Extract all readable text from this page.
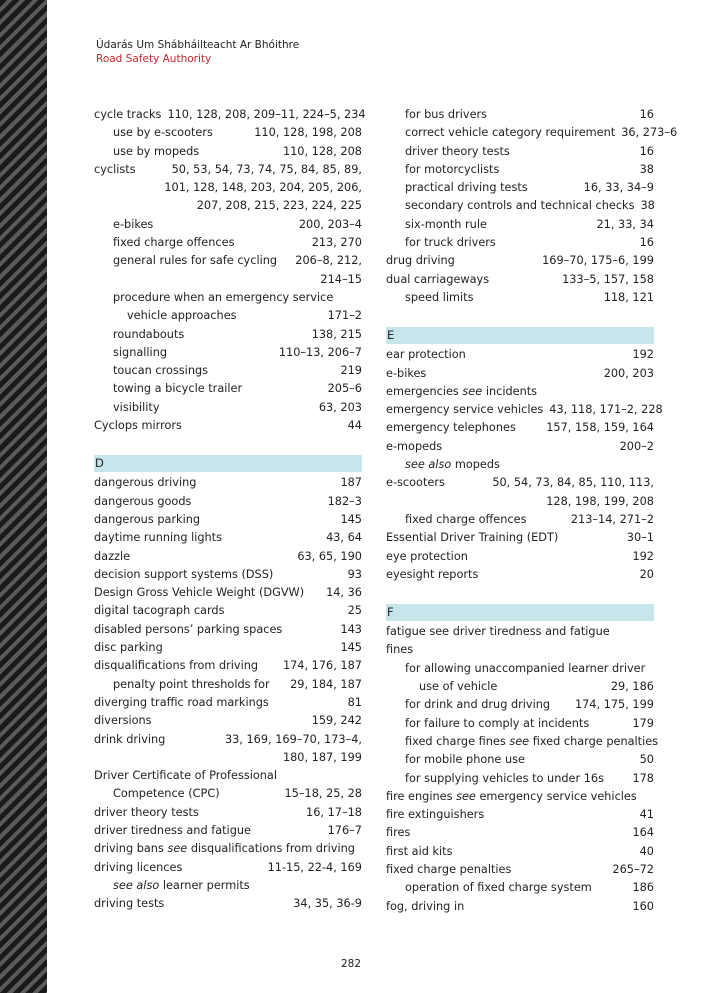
Údarás Um Shábháilteacht Ar Bhóithre
Road Safety Authority
cycle tracks 110, 128, 208, 209–11, 224–5, 234
use by e-scooters	110, 128, 198, 208
use by mopeds	110, 128, 208
cyclists	50, 53, 54, 73, 74, 75, 84, 85, 89,
101, 128, 148, 203, 204, 205, 206,
207, 208, 215, 223, 224, 225
e-bikes	200, 203–4
fixed charge offences	213, 270
general rules for safe cycling	206–8, 212,
214–15
procedure when an emergency service
vehicle approaches	171–2
roundabouts	138, 215
signalling	110–13, 206–7
toucan crossings	219
towing a bicycle trailer	205–6
visibility	63, 203
Cyclops mirrors	44
D
dangerous driving	187
dangerous goods	182–3
dangerous parking	145
daytime running lights	43, 64
dazzle	63, 65, 190
decision support systems (DSS)	93
Design Gross Vehicle Weight (DGVW)	14, 36
digital tacograph cards	25
disabled persons’ parking spaces	143
disc parking	145
disqualifications from driving	174, 176, 187
penalty point thresholds for	29, 184, 187
diverging traffic road markings	81
diversions	159, 242
drink driving	33, 169, 169–70, 173–4,
180, 187, 199
Driver Certificate of Professional
Competence (CPC)	15–18, 25, 28
driver theory tests	16, 17–18
driver tiredness and fatigue	176–7
driving bans see disqualifications from driving
driving licences	11-15, 22-4, 169
see also learner permits
driving tests	34, 35, 36-9
for bus drivers	16
correct vehicle category requirement 36, 273–6
driver theory tests	16
for motorcyclists	38
practical driving tests	16, 33, 34–9
secondary controls and technical checks 38
six-month rule	21, 33, 34
for truck drivers	16
drug driving	169–70, 175–6, 199
dual carriageways	133–5, 157, 158
speed limits	118, 121
E
ear protection	192
e-bikes	200, 203
emergencies see incidents
emergency service vehicles 43, 118, 171–2, 228
emergency telephones	157, 158, 159, 164
e-mopeds	200–2
see also mopeds
e-scooters	50, 54, 73, 84, 85, 110, 113,
128, 198, 199, 208
fixed charge offences	213–14, 271–2
Essential Driver Training (EDT)	30–1
eye protection	192
eyesight reports	20
F
fatigue see driver tiredness and fatigue
fines
for allowing unaccompanied learner driver
use of vehicle	29, 186
for drink and drug driving	174, 175, 199
for failure to comply at incidents	179
fixed charge fines see fixed charge penalties
for mobile phone use	50
for supplying vehicles to under 16s	178
fire engines see emergency service vehicles
fire extinguishers	41
fires	164
first aid kits	40
fixed charge penalties	265–72
operation of fixed charge system	186
fog, driving in	160
282
